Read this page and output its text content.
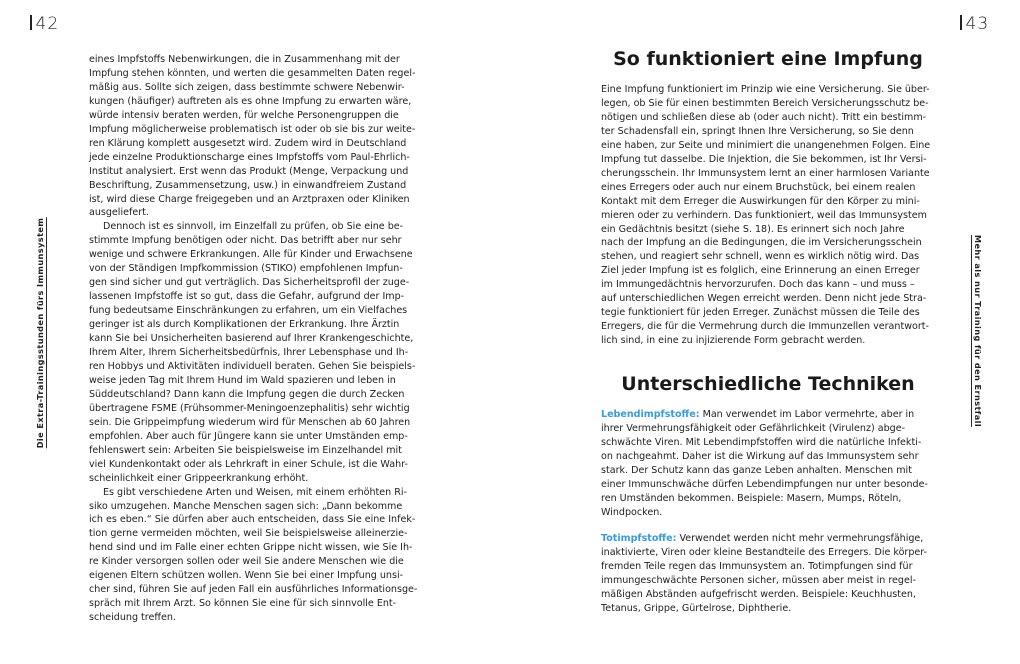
42	43
Die Extra-Trainingsstunden fürs Immunsystem	Mehr als nur Training für den Ernstfall
eines Impfstoffs Nebenwirkungen, die in Zusammenhang mit der
Impfung stehen könnten, und werten die gesammelten Daten regel-
mäßig aus. Sollte sich zeigen, dass bestimmte schwere Nebenwir-
kungen (häufiger) auftreten als es ohne Impfung zu erwarten wäre,
würde intensiv beraten werden, für welche Personengruppen die
Impfung möglicherweise problematisch ist oder ob sie bis zur weite-
ren Klärung komplett ausgesetzt wird. Zudem wird in Deutschland
jede einzelne Produktionscharge eines Impfstoffs vom Paul-Ehrlich-
Institut analysiert. Erst wenn das Produkt (Menge, Verpackung und
Beschriftung, Zusammensetzung, usw.) in einwandfreiem Zustand
ist, wird diese Charge freigegeben und an Arztpraxen oder Kliniken
ausgeliefert.
Dennoch ist es sinnvoll, im Einzelfall zu prüfen, ob Sie eine be-
stimmte Impfung benötigen oder nicht. Das betrifft aber nur sehr
wenige und schwere Erkrankungen. Alle für Kinder und Erwachsene
von der Ständigen Impfkommission (STIKO) empfohlenen Impfun-
gen sind sicher und gut verträglich. Das Sicherheitsprofil der zuge-
lassenen Impfstoffe ist so gut, dass die Gefahr, aufgrund der Imp-
fung bedeutsame Einschränkungen zu erfahren, um ein Vielfaches
geringer ist als durch Komplikationen der Erkrankung. Ihre Ärztin
kann Sie bei Unsicherheiten basierend auf Ihrer Krankengeschichte,
Ihrem Alter, Ihrem Sicherheitsbedürfnis, Ihrer Lebensphase und Ih-
ren Hobbys und Aktivitäten individuell beraten. Gehen Sie beispiels-
weise jeden Tag mit Ihrem Hund im Wald spazieren und leben in
Süddeutschland? Dann kann die Impfung gegen die durch Zecken
übertragene FSME (Frühsommer-Meningoenzephalitis) sehr wichtig
sein. Die Grippeimpfung wiederum wird für Menschen ab 60 Jahren
empfohlen. Aber auch für Jüngere kann sie unter Umständen emp-
fehlenswert sein: Arbeiten Sie beispielsweise im Einzelhandel mit
viel Kundenkontakt oder als Lehrkraft in einer Schule, ist die Wahr-
scheinlichkeit einer Grippeerkrankung erhöht.
Es gibt verschiedene Arten und Weisen, mit einem erhöhten Ri-
siko umzugehen. Manche Menschen sagen sich: „Dann bekomme
ich es eben.“ Sie dürfen aber auch entscheiden, dass Sie eine Infek-
tion gerne vermeiden möchten, weil Sie beispielsweise alleinerzie-
hend sind und im Falle einer echten Grippe nicht wissen, wie Sie Ih-
re Kinder versorgen sollen oder weil Sie andere Menschen wie die
eigenen Eltern schützen wollen. Wenn Sie bei einer Impfung unsi-
cher sind, führen Sie auf jeden Fall ein ausführliches Informationsge-
spräch mit Ihrem Arzt. So können Sie eine für sich sinnvolle Ent-
scheidung treffen.
So funktioniert eine Impfung
Eine Impfung funktioniert im Prinzip wie eine Versicherung. Sie über-
legen, ob Sie für einen bestimmten Bereich Versicherungsschutz be-
nötigen und schließen diese ab (oder auch nicht). Tritt ein bestimm-
ter Schadensfall ein, springt Ihnen Ihre Versicherung, so Sie denn
eine haben, zur Seite und minimiert die unangenehmen Folgen. Eine
Impfung tut dasselbe. Die Injektion, die Sie bekommen, ist Ihr Versi-
cherungsschein. Ihr Immunsystem lernt an einer harmlosen Variante
eines Erregers oder auch nur einem Bruchstück, bei einem realen
Kontakt mit dem Erreger die Auswirkungen für den Körper zu mini-
mieren oder zu verhindern. Das funktioniert, weil das Immunsystem
ein Gedächtnis besitzt (siehe S. 18). Es erinnert sich noch Jahre
nach der Impfung an die Bedingungen, die im Versicherungsschein
stehen, und reagiert sehr schnell, wenn es wirklich nötig wird. Das
Ziel jeder Impfung ist es folglich, eine Erinnerung an einen Erreger
im Immungedächtnis hervorzurufen. Doch das kann – und muss –
auf unterschiedlichen Wegen erreicht werden. Denn nicht jede Stra-
tegie funktioniert für jeden Erreger. Zunächst müssen die Teile des
Erregers, die für die Vermehrung durch die Immunzellen verantwort-
lich sind, in eine zu injizierende Form gebracht werden.
Unterschiedliche Techniken
Lebendimpfstoffe: Man verwendet im Labor vermehrte, aber in
ihrer Vermehrungsfähigkeit oder Gefährlichkeit (Virulenz) abge-
schwächte Viren. Mit Lebendimpfstoffen wird die natürliche Infekti-
on nachgeahmt. Daher ist die Wirkung auf das Immunsystem sehr
stark. Der Schutz kann das ganze Leben anhalten. Menschen mit
einer Immunschwäche dürfen Lebendimpfungen nur unter besonde-
ren Umständen bekommen. Beispiele: Masern, Mumps, Röteln,
Windpocken.
Totimpfstoffe: Verwendet werden nicht mehr vermehrungsfähige,
inaktivierte, Viren oder kleine Bestandteile des Erregers. Die körper-
fremden Teile regen das Immunsystem an. Totimpfungen sind für
immungeschwächte Personen sicher, müssen aber meist in regel-
mäßigen Abständen aufgefrischt werden. Beispiele: Keuchhusten,
Tetanus, Grippe, Gürtelrose, Diphtherie.
